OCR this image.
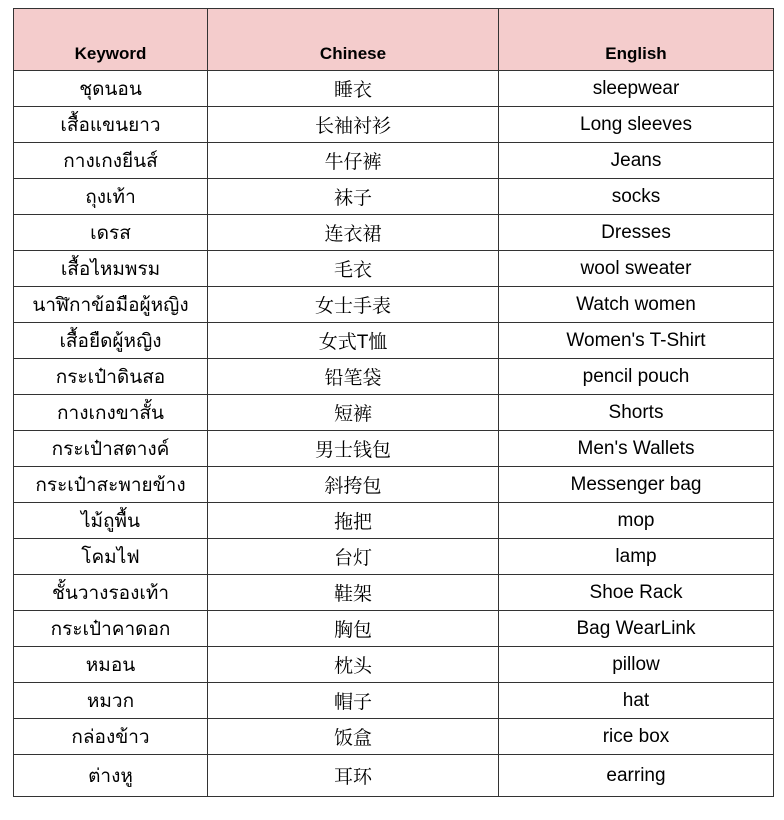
Keyword	Chinese	English
ชุดนอน	睡衣	sleepwear
เสื้อแขนยาว	长袖衬衫	Long sleeves
กางเกงยีนส์	牛仔裤	Jeans
ถุงเท้า	袜子	socks
เดรส	连衣裙	Dresses
เสื้อไหมพรม	毛衣	wool sweater
นาฬิกาข้อมือผู้หญิง	女士手表	Watch women
เสื้อยืดผู้หญิง	女式T恤	Women's T-Shirt
กระเป๋าดินสอ	铅笔袋	pencil pouch
กางเกงขาสั้น	短裤	Shorts
กระเป๋าสตางค์	男士钱包	Men's Wallets
กระเป๋าสะพายข้าง	斜挎包	Messenger bag
ไม้ถูพื้น	拖把	mop
โคมไฟ	台灯	lamp
ชั้นวางรองเท้า	鞋架	Shoe Rack
กระเป๋าคาดอก	胸包	Bag WearLink
หมอน	枕头	pillow
หมวก	帽子	hat
กล่องข้าว	饭盒	rice box
ต่างหู	耳环	earring
